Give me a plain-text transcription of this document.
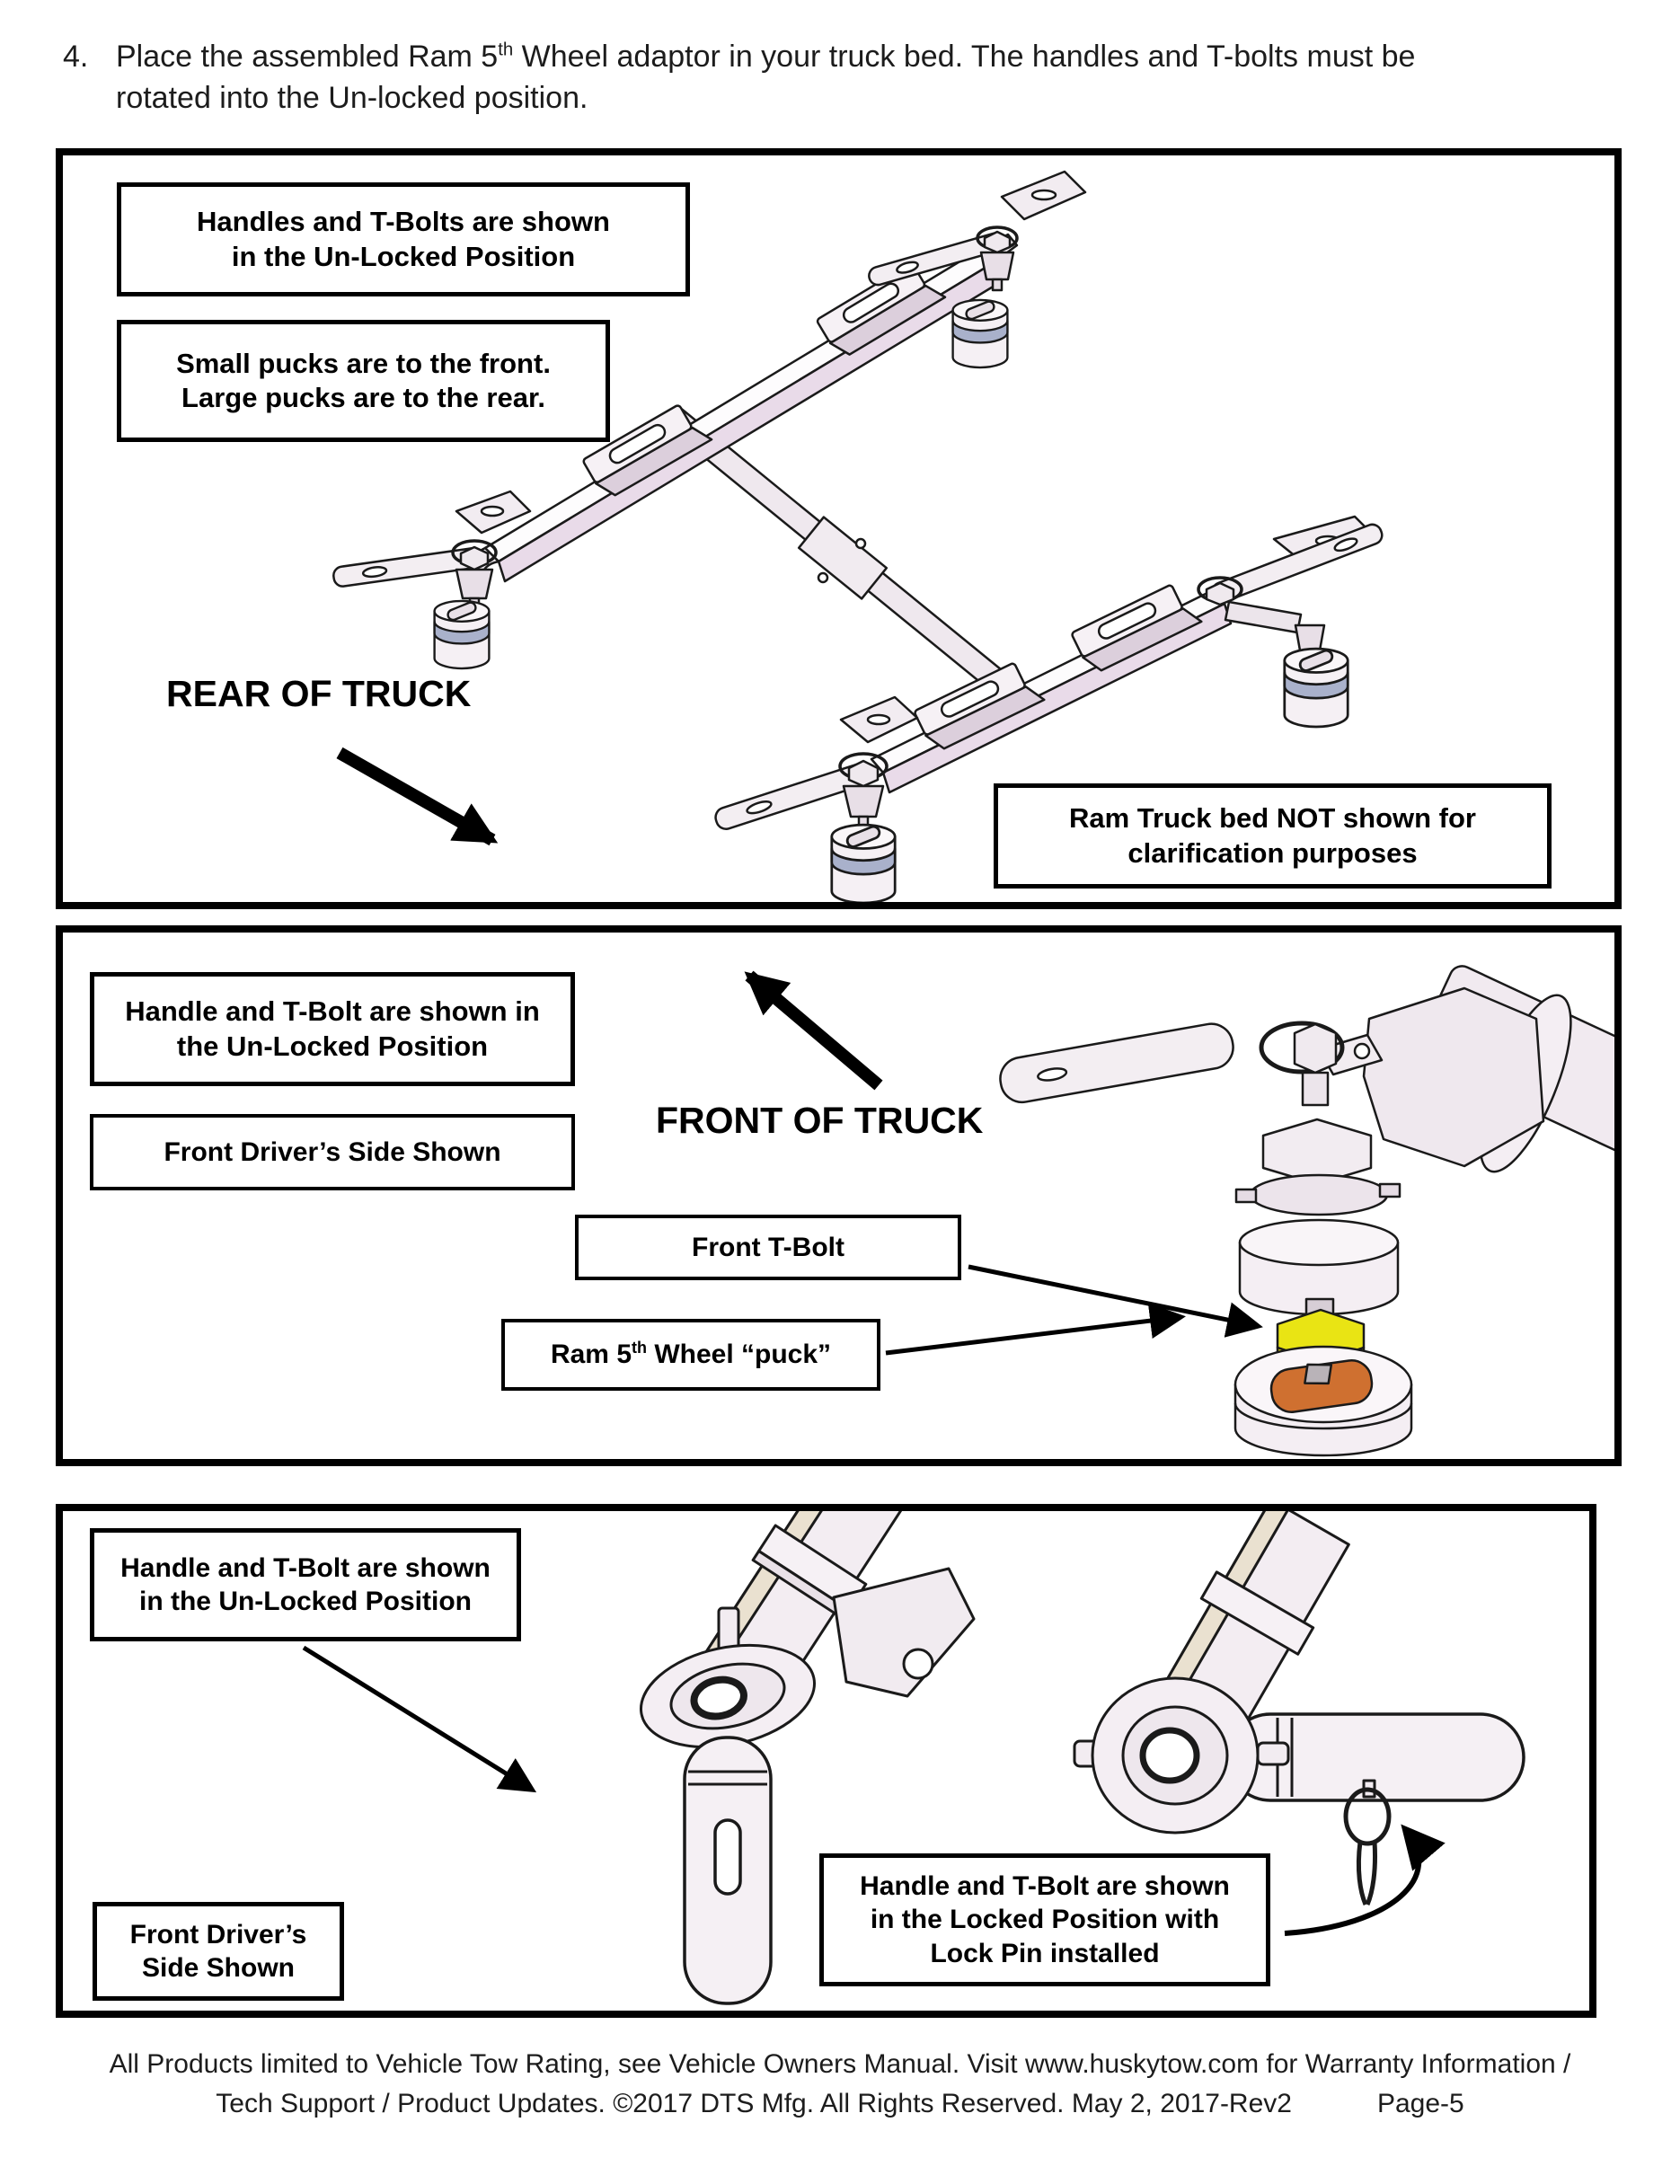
4. Place the assembled Ram 5th Wheel adaptor in your truck bed. The handles and T-bolts must be
rotated into the Un-locked position.
Handles and T-Bolts are shown
in the Un-Locked Position
Small pucks are to the front.
Large pucks are to the rear.
REAR OF TRUCK
Ram Truck bed NOT shown for
clarification purposes
Handle and T-Bolt are shown in
the Un-Locked Position
Front Driver’s Side Shown
FRONT OF TRUCK
Front T-Bolt
Ram 5th Wheel “puck”
Handle and T-Bolt are shown
in the Un-Locked Position
Handle and T-Bolt are shown
in the Locked Position with
Lock Pin installed
Front Driver’s
Side Shown
All Products limited to Vehicle Tow Rating, see Vehicle Owners Manual. Visit www.huskytow.com for Warranty Information /
Tech Support / Product Updates. ©2017 DTS Mfg. All Rights Reserved. May 2, 2017-Rev2	Page-5
